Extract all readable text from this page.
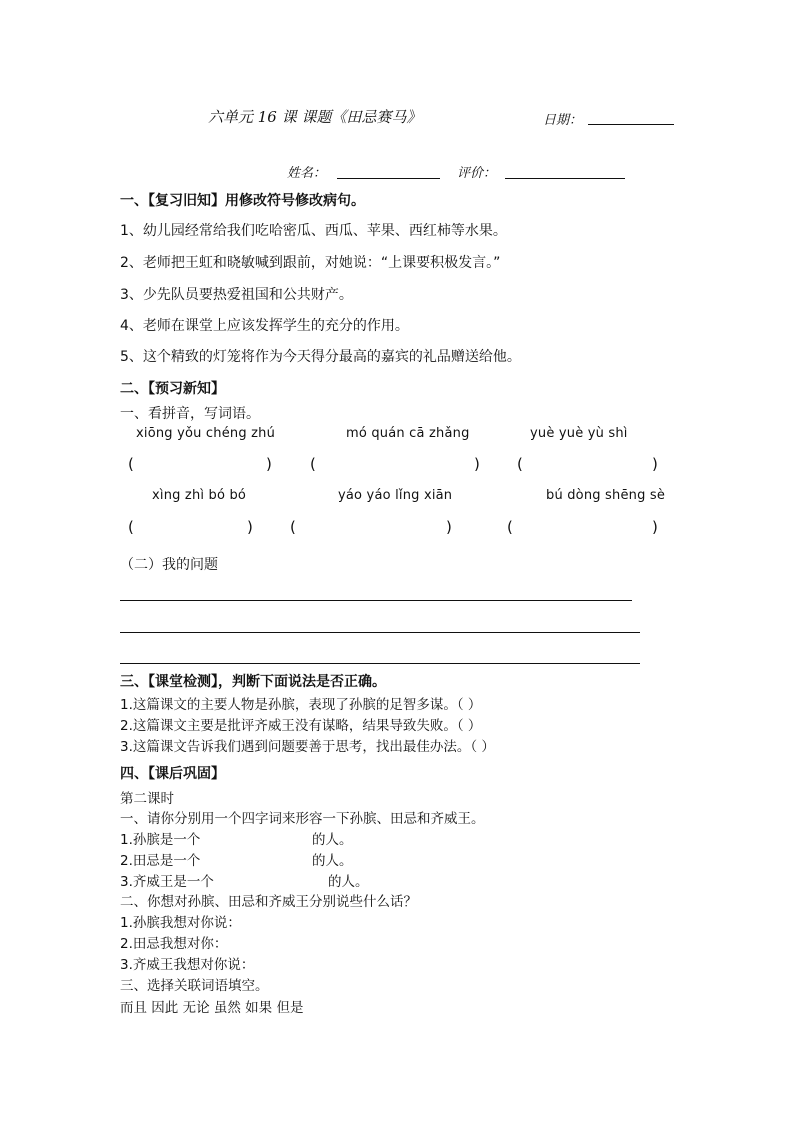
六单元 16 课 课题《田忌赛马》	日期：
姓名：	评价：
一、【复习旧知】用修改符号修改病句。
1、幼儿园经常给我们吃哈密瓜、西瓜、苹果、西红柿等水果。
2、老师把王虹和晓敏喊到跟前，对她说：“上课要积极发言。”
3、少先队员要热爱祖国和公共财产。
4、老师在课堂上应该发挥学生的充分的作用。
5、这个精致的灯笼将作为今天得分最高的嘉宾的礼品赠送给他。
二、【预习新知】
一、看拼音，写词语。
xiōng yǒu chéng zhú	mó quán cā zhǎng	yuè yuè yù shì
(	)	(	) (	)
xìng zhì bó bó	yáo yáo lǐng xiān	bú dòng shēng sè
(	) (	)	(	)
（二）我的问题
三、【课堂检测】，判断下面说法是否正确。
1.这篇课文的主要人物是孙膑，表现了孙膑的足智多谋。（ ）
2.这篇课文主要是批评齐威王没有谋略，结果导致失败。（ ）
3.这篇课文告诉我们遇到问题要善于思考，找出最佳办法。（ ）
四、【课后巩固】
第二课时
一、请你分别用一个四字词来形容一下孙膑、田忌和齐威王。
1.孙膑是一个	的人。
2.田忌是一个	的人。
3.齐威王是一个	的人。
二、你想对孙膑、田忌和齐威王分别说些什么话？
1.孙膑我想对你说：
2.田忌我想对你：
3.齐威王我想对你说：
三、选择关联词语填空。
而且 因此 无论 虽然 如果 但是
